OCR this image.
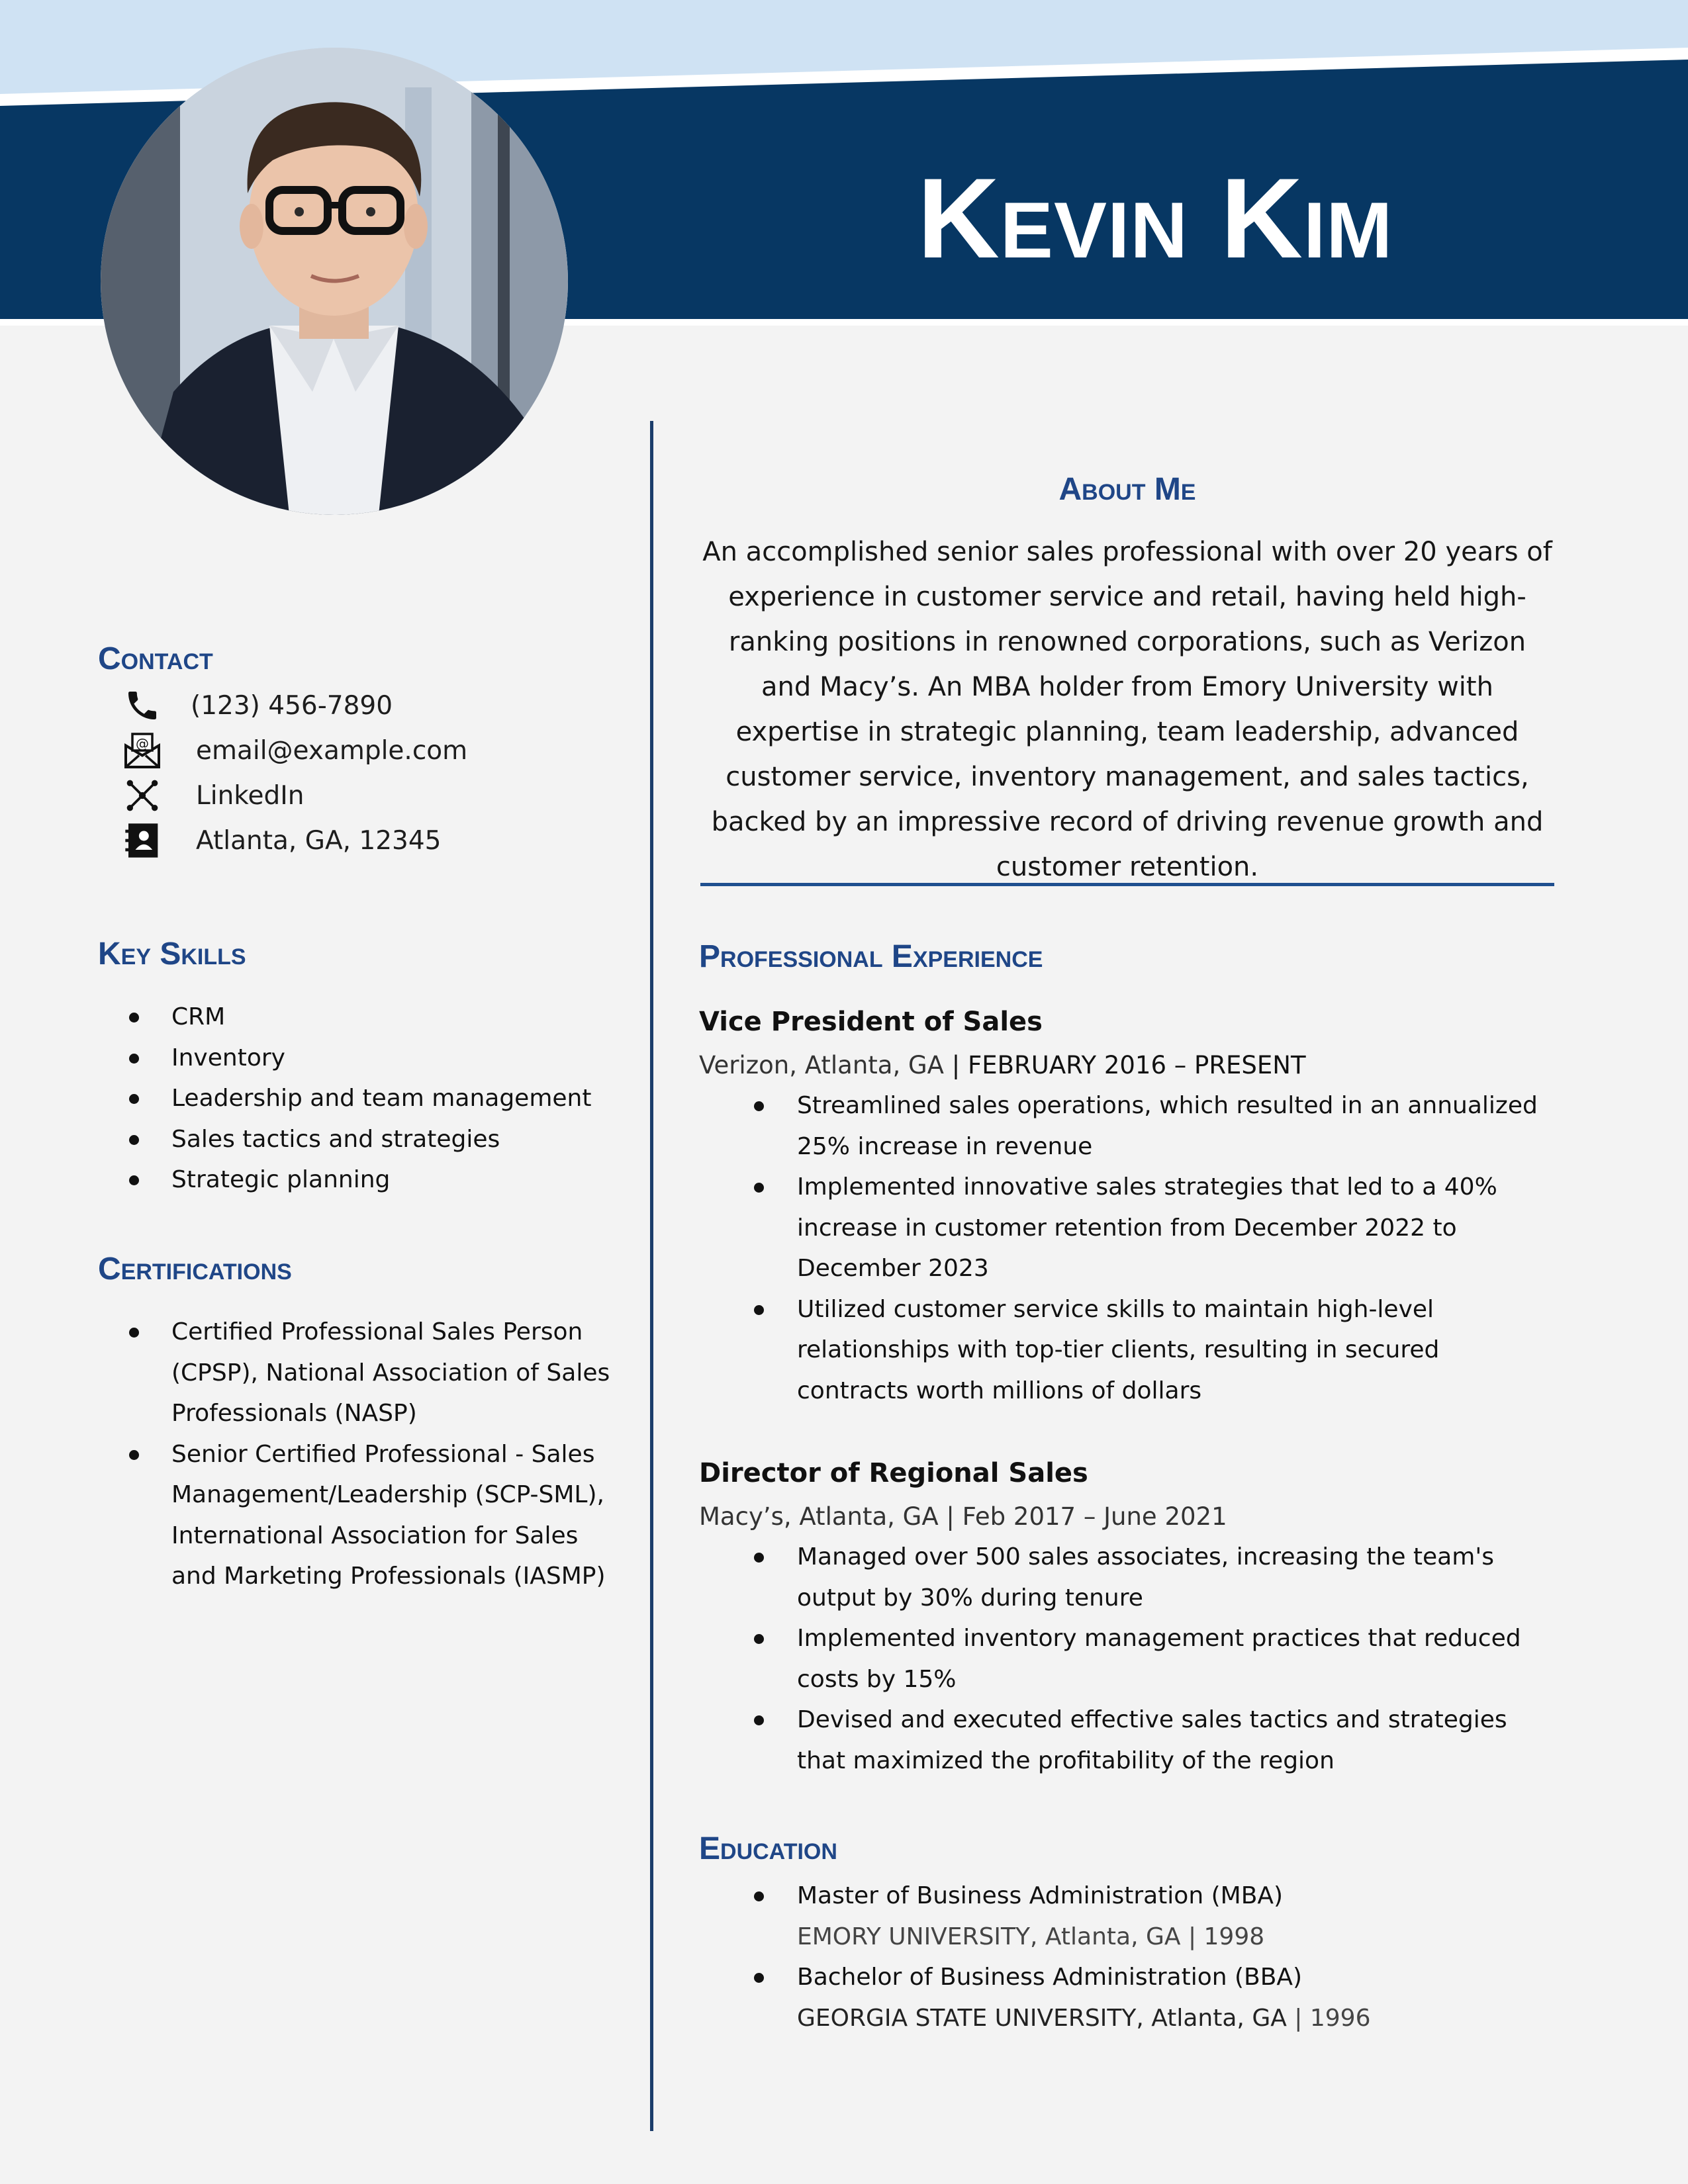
Kevin Kim
Contact
(123) 456-7890
@ email@example.com
LinkedIn
Atlanta, GA, 12345
Key Skills
CRM
Inventory
Leadership and team management
Sales tactics and strategies
Strategic planning
Certifications
Certified Professional Sales Person (CPSP), National Association of Sales Professionals (NASP)
Senior Certified Professional - Sales Management/Leadership (SCP-SML), International Association for Sales and Marketing Professionals (IASMP)
About Me
An accomplished senior sales professional with over 20 years of experience in customer service and retail, having held high-ranking positions in renowned corporations, such as Verizon and Macy’s. An MBA holder from Emory University with expertise in strategic planning, team leadership, advanced customer service, inventory management, and sales tactics, backed by an impressive record of driving revenue growth and customer retention.
Professional Experience
Vice President of Sales
Verizon, Atlanta, GA | FEBRUARY 2016 – PRESENT
Streamlined sales operations, which resulted in an annualized 25% increase in revenue
Implemented innovative sales strategies that led to a 40% increase in customer retention from December 2022 to December 2023
Utilized customer service skills to maintain high-level relationships with top-tier clients, resulting in secured contracts worth millions of dollars
Director of Regional Sales
Macy’s, Atlanta, GA | Feb 2017 – June 2021
Managed over 500 sales associates, increasing the team's output by 30% during tenure
Implemented inventory management practices that reduced costs by 15%
Devised and executed effective sales tactics and strategies that maximized the profitability of the region
Education
Master of Business Administration (MBA)
EMORY UNIVERSITY, Atlanta, GA | 1998
Bachelor of Business Administration (BBA)
GEORGIA STATE UNIVERSITY, Atlanta, GA | 1996
